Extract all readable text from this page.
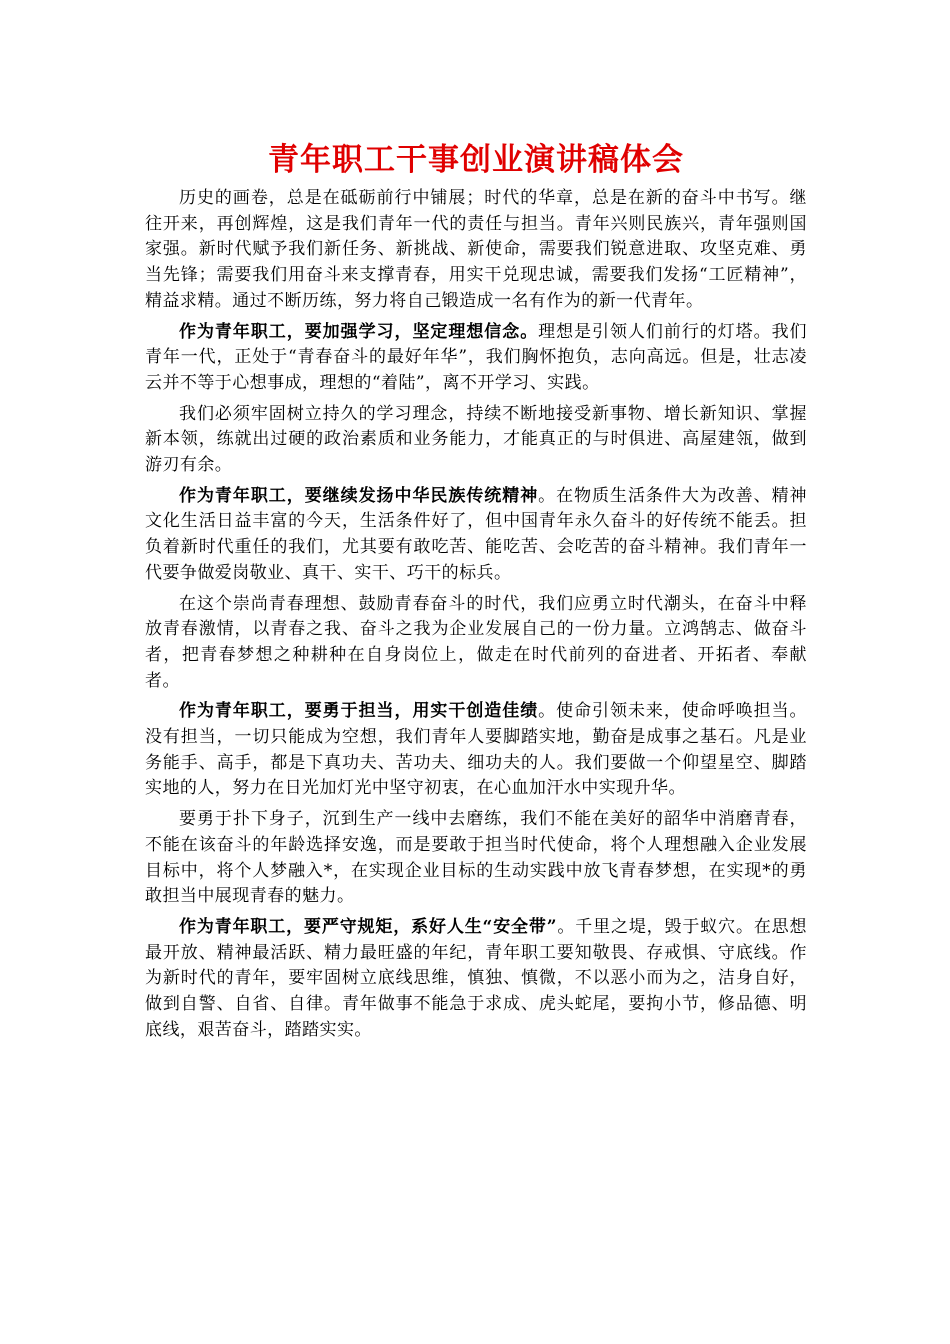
青年职工干事创业演讲稿体会

历史的画卷，总是在砥砺前行中铺展；时代的华章，总是在新的奋斗中书写。继往开来，再创辉煌，这是我们青年一代的责任与担当。青年兴则民族兴，青年强则国家强。新时代赋予我们新任务、新挑战、新使命，需要我们锐意进取、攻坚克难、勇当先锋；需要我们用奋斗来支撑青春，用实干兑现忠诚，需要我们发扬“工匠精神”，精益求精。通过不断历练，努力将自己锻造成一名有作为的新一代青年。

作为青年职工，要加强学习，坚定理想信念。理想是引领人们前行的灯塔。我们青年一代，正处于“青春奋斗的最好年华”，我们胸怀抱负，志向高远。但是，壮志凌云并不等于心想事成，理想的“着陆”，离不开学习、实践。

我们必须牢固树立持久的学习理念，持续不断地接受新事物、增长新知识、掌握新本领，练就出过硬的政治素质和业务能力，才能真正的与时俱进、高屋建瓴，做到游刃有余。

作为青年职工，要继续发扬中华民族传统精神。在物质生活条件大为改善、精神文化生活日益丰富的今天，生活条件好了，但中国青年永久奋斗的好传统不能丢。担负着新时代重任的我们，尤其要有敢吃苦、能吃苦、会吃苦的奋斗精神。我们青年一代要争做爱岗敬业、真干、实干、巧干的标兵。

在这个崇尚青春理想、鼓励青春奋斗的时代，我们应勇立时代潮头，在奋斗中释放青春激情，以青春之我、奋斗之我为企业发展自己的一份力量。立鸿鹄志、做奋斗者，把青春梦想之种耕种在自身岗位上，做走在时代前列的奋进者、开拓者、奉献者。

作为青年职工，要勇于担当，用实干创造佳绩。使命引领未来，使命呼唤担当。没有担当，一切只能成为空想，我们青年人要脚踏实地，勤奋是成事之基石。凡是业务能手、高手，都是下真功夫、苦功夫、细功夫的人。我们要做一个仰望星空、脚踏实地的人，努力在日光加灯光中坚守初衷，在心血加汗水中实现升华。

要勇于扑下身子，沉到生产一线中去磨练，我们不能在美好的韶华中消磨青春，不能在该奋斗的年龄选择安逸，而是要敢于担当时代使命，将个人理想融入企业发展目标中，将个人梦融入*，在实现企业目标的生动实践中放飞青春梦想，在实现*的勇敢担当中展现青春的魅力。

作为青年职工，要严守规矩，系好人生“安全带”。千里之堤，毁于蚁穴。在思想最开放、精神最活跃、精力最旺盛的年纪，青年职工要知敬畏、存戒惧、守底线。作为新时代的青年，要牢固树立底线思维，慎独、慎微，不以恶小而为之，洁身自好，做到自警、自省、自律。青年做事不能急于求成、虎头蛇尾，要拘小节，修品德、明底线，艰苦奋斗，踏踏实实。
